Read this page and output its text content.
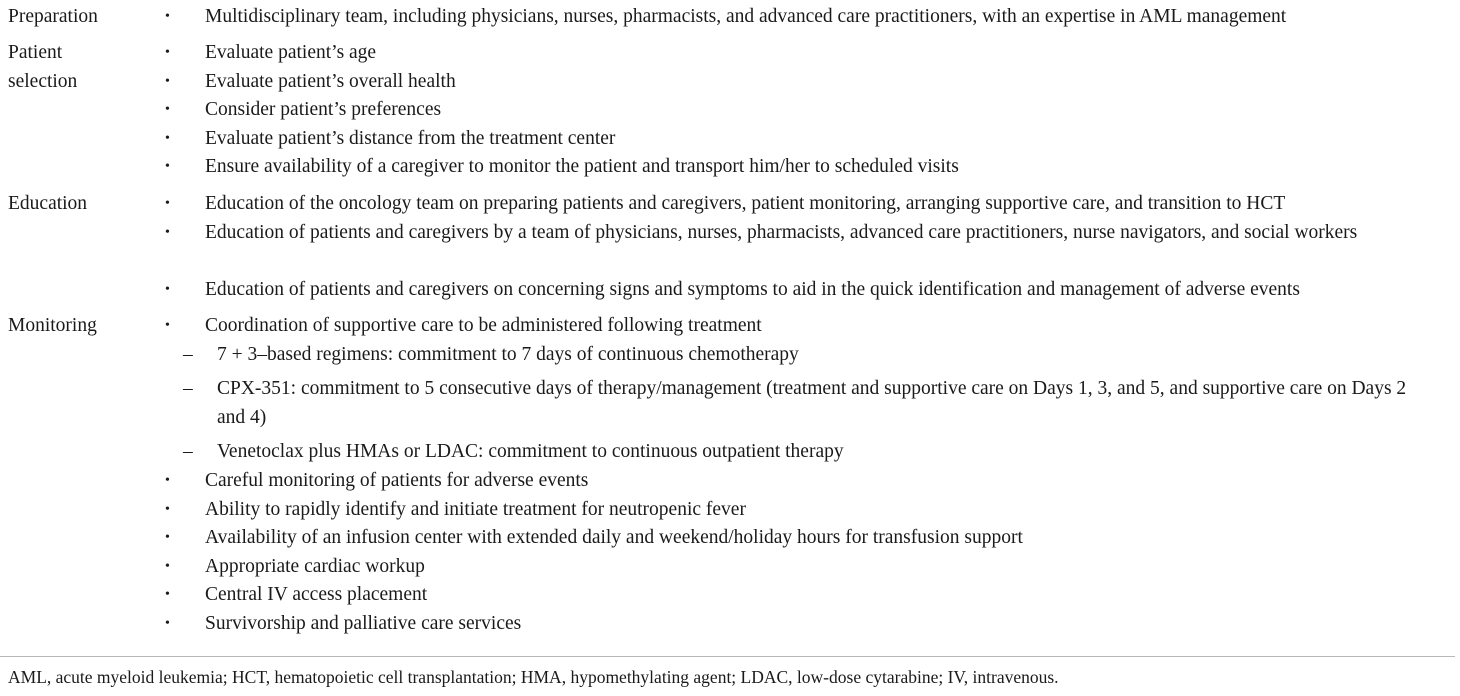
Preparation	• Multidisciplinary team, including physicians, nurses, pharmacists, and advanced care practitioners, with an expertise in AML management
Patient selection
• Evaluate patient’s age
• Evaluate patient’s overall health
• Consider patient’s preferences
• Evaluate patient’s distance from the treatment center
• Ensure availability of a caregiver to monitor the patient and transport him/her to scheduled visits
Education	• Education of the oncology team on preparing patients and caregivers, patient monitoring, arranging supportive care, and transition to HCT
• Education of patients and caregivers by a team of physicians, nurses, pharmacists, advanced care practitioners, nurse navigators, and social workers
• Education of patients and caregivers on concerning signs and symptoms to aid in the quick identification and management of adverse events
Monitoring	• Coordination of supportive care to be administered following treatment
– 7 + 3–based regimens: commitment to 7 days of continuous chemotherapy
– CPX-351: commitment to 5 consecutive days of therapy/management (treatment and supportive care on Days 1, 3, and 5, and supportive care on Days 2 and 4)
– Venetoclax plus HMAs or LDAC: commitment to continuous outpatient therapy
• Careful monitoring of patients for adverse events
• Ability to rapidly identify and initiate treatment for neutropenic fever
• Availability of an infusion center with extended daily and weekend/holiday hours for transfusion support
• Appropriate cardiac workup
• Central IV access placement
• Survivorship and palliative care services
AML, acute myeloid leukemia; HCT, hematopoietic cell transplantation; HMA, hypomethylating agent; LDAC, low-dose cytarabine; IV, intravenous.
